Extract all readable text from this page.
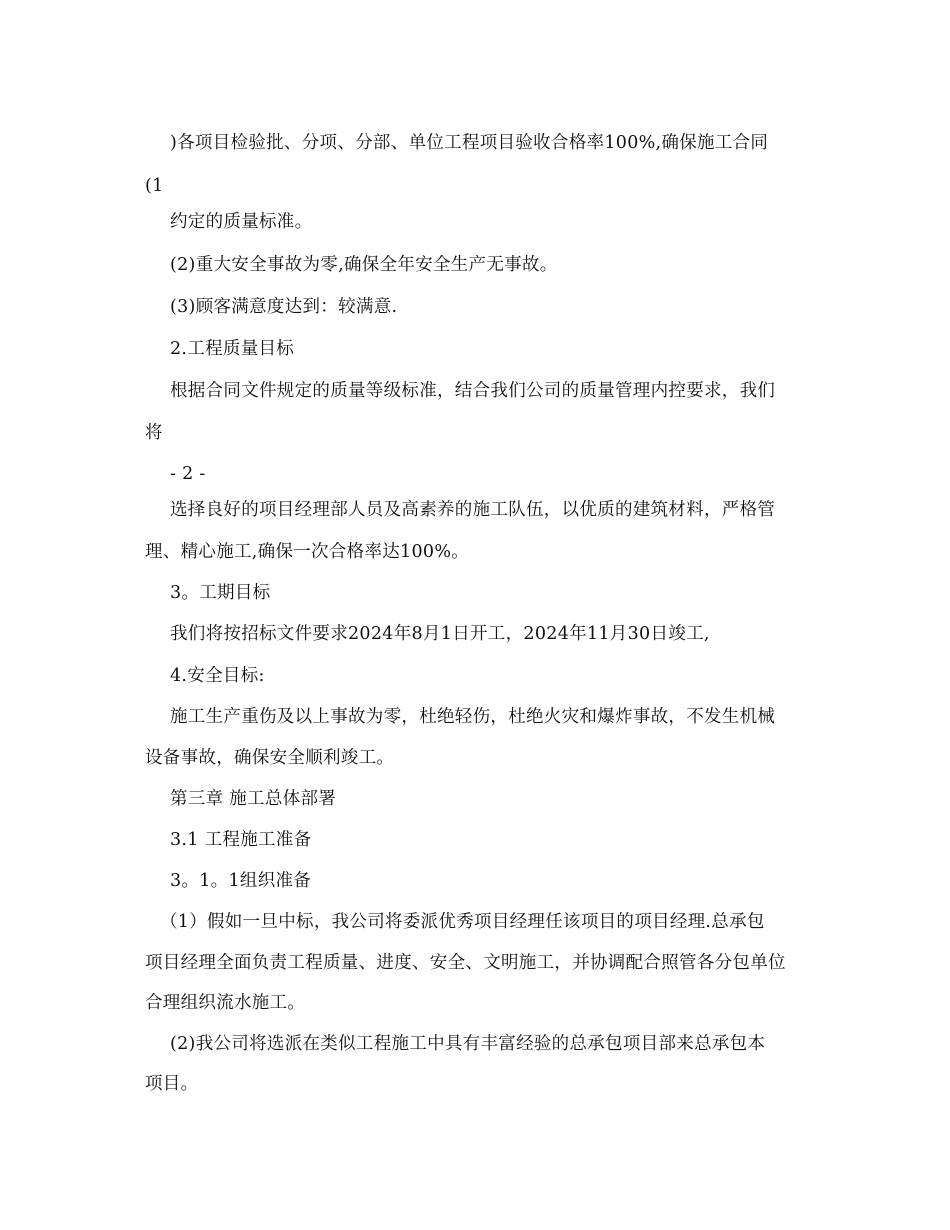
)各项目检验批、分项、分部、单位工程项目验收合格率100%,确保施工合同
(1
约定的质量标准。
(2)重大安全事故为零,确保全年安全生产无事故。
(3)顾客满意度达到：较满意.
2.工程质量目标
根据合同文件规定的质量等级标准，结合我们公司的质量管理内控要求，我们
将
- 2 -
选择良好的项目经理部人员及高素养的施工队伍，以优质的建筑材料，严格管
理、精心施工,确保一次合格率达100%。
3。工期目标
我们将按招标文件要求2024年8月1日开工，2024年11月30日竣工,
4.安全目标:
施工生产重伤及以上事故为零，杜绝轻伤，杜绝火灾和爆炸事故，不发生机械
设备事故，确保安全顺利竣工。
第三章 施工总体部署
3.1 工程施工准备
3。1。1组织准备
（1）假如一旦中标，我公司将委派优秀项目经理任该项目的项目经理.总承包
项目经理全面负责工程质量、进度、安全、文明施工，并协调配合照管各分包单位
合理组织流水施工。
(2)我公司将选派在类似工程施工中具有丰富经验的总承包项目部来总承包本
项目。
